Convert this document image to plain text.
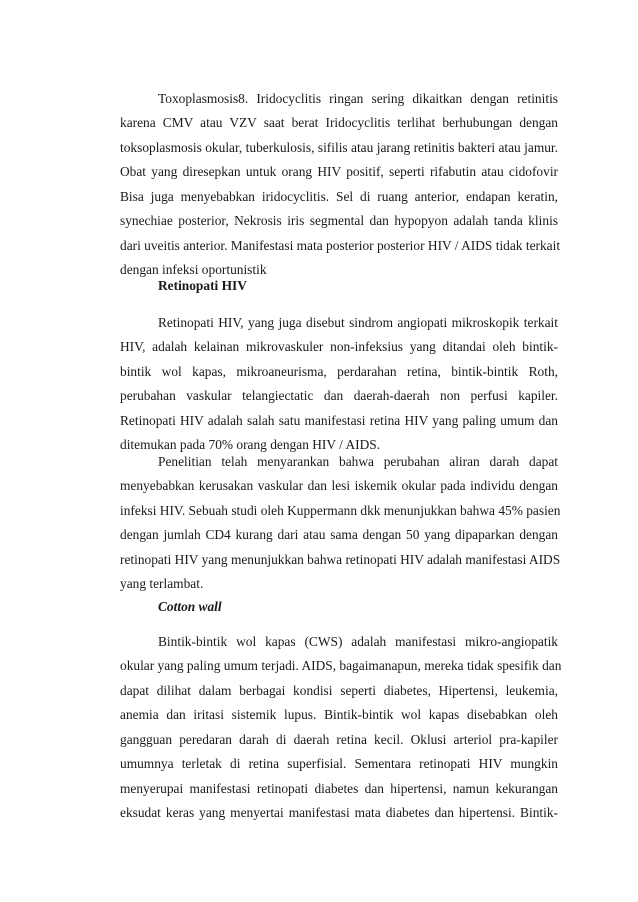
Toxoplasmosis8. Iridocyclitis ringan sering dikaitkan dengan retinitis
karena CMV atau VZV saat berat Iridocyclitis terlihat berhubungan dengan
toksoplasmosis okular, tuberkulosis, sifilis atau jarang retinitis bakteri atau jamur.
Obat yang diresepkan untuk orang HIV positif, seperti rifabutin atau cidofovir
Bisa juga menyebabkan iridocyclitis. Sel di ruang anterior, endapan keratin,
synechiae posterior, Nekrosis iris segmental dan hypopyon adalah tanda klinis
dari uveitis anterior. Manifestasi mata posterior posterior HIV / AIDS tidak terkait
dengan infeksi oportunistik
Retinopati HIV
Retinopati HIV, yang juga disebut sindrom angiopati mikroskopik terkait
HIV, adalah kelainan mikrovaskuler non-infeksius yang ditandai oleh bintik-
bintik wol kapas, mikroaneurisma, perdarahan retina, bintik-bintik Roth,
perubahan vaskular telangiectatic dan daerah-daerah non perfusi kapiler.
Retinopati HIV adalah salah satu manifestasi retina HIV yang paling umum dan
ditemukan pada 70% orang dengan HIV / AIDS.
Penelitian telah menyarankan bahwa perubahan aliran darah dapat
menyebabkan kerusakan vaskular dan lesi iskemik okular pada individu dengan
infeksi HIV. Sebuah studi oleh Kuppermann dkk menunjukkan bahwa 45% pasien
dengan jumlah CD4 kurang dari atau sama dengan 50 yang dipaparkan dengan
retinopati HIV yang menunjukkan bahwa retinopati HIV adalah manifestasi AIDS
yang terlambat.
Cotton wall
Bintik-bintik wol kapas (CWS) adalah manifestasi mikro-angiopatik
okular yang paling umum terjadi. AIDS, bagaimanapun, mereka tidak spesifik dan
dapat dilihat dalam berbagai kondisi seperti diabetes, Hipertensi, leukemia,
anemia dan iritasi sistemik lupus. Bintik-bintik wol kapas disebabkan oleh
gangguan peredaran darah di daerah retina kecil. Oklusi arteriol pra-kapiler
umumnya terletak di retina superfisial. Sementara retinopati HIV mungkin
menyerupai manifestasi retinopati diabetes dan hipertensi, namun kekurangan
eksudat keras yang menyertai manifestasi mata diabetes dan hipertensi. Bintik-
